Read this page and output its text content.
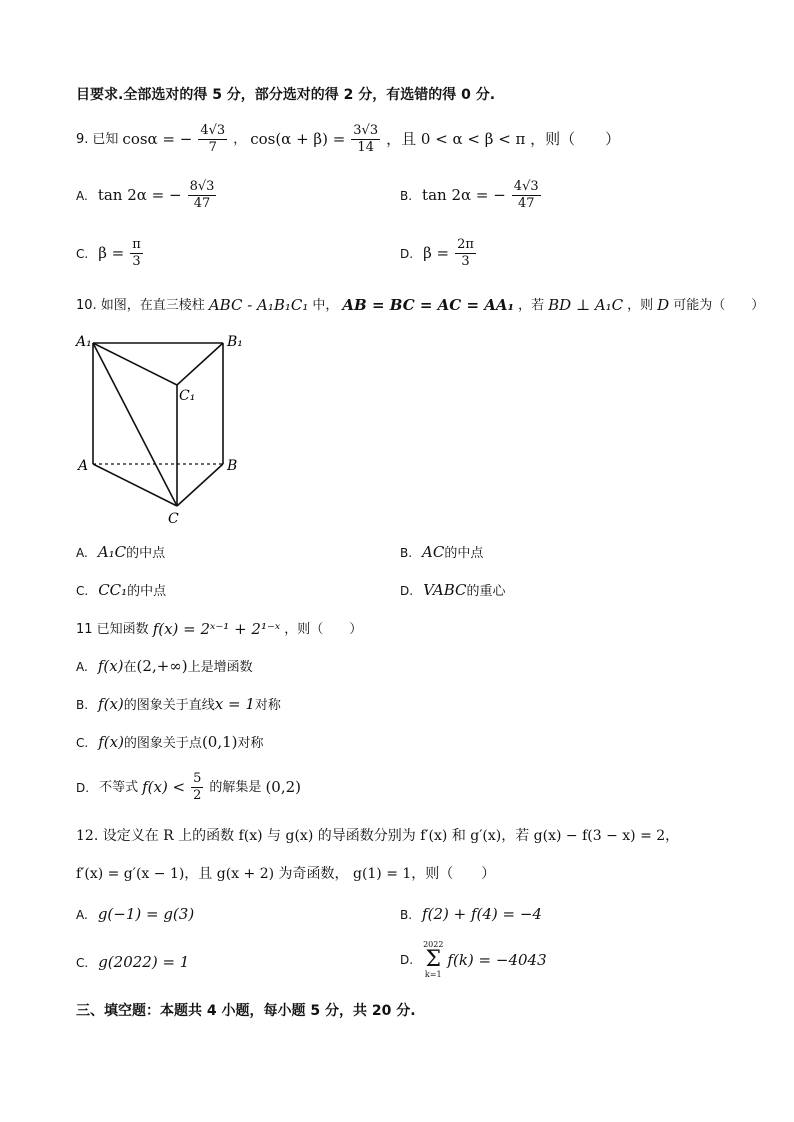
目要求.全部选对的得 5 分，部分选对的得 2 分，有选错的得 0 分.
9. 已知 cosα = − $\frac{4√3}{7}$ ， $\cos(\alpha + \beta) = \frac{3√3}{14}$ ，且 0 < α < β < π ，则（　　）
A. tan 2α = − $\frac{8√3}{47}$	B. tan 2α = − $\frac{4√3}{47}$
C. $\beta = \frac{\pi}{3}$	D. $\beta = \frac{2\pi}{3}$
10. 如图，在直三棱柱 ABC - A₁B₁C₁ 中， AB = BC = AC = AA₁ ，若 BD ⊥ A₁C ，则 D 可能为（　　）
A₁	B₁
C₁
A	B
C
A. A₁C的中点	B. AC的中点
C. CC₁的中点	D. VABC的重心
11 已知函数 f(x) = 2ˣ⁻¹ + 2¹⁻ˣ ，则（　　）
A. f(x)在(2,+∞)上是增函数
B. f(x)的图象关于直线x = 1对称
C. f(x)的图象关于点(0,1)对称
D. 不等式 $f(x) < \frac{5}{2}$ 的解集是 (0,2)
12. 设定义在 R 上的函数 f(x) 与 g(x) 的导函数分别为 f′(x) 和 g′(x)，若 g(x) − f(3 − x) = 2，
f′(x) = g′(x − 1)，且 g(x + 2) 为奇函数， g(1) = 1，则（　　）
A. g(−1) = g(3)	B. f(2) + f(4) = −4
C. g(2022) = 1	D.
2022
Σ
k=1
f(k) = −4043
三、填空题：本题共 4 小题，每小题 5 分，共 20 分.
